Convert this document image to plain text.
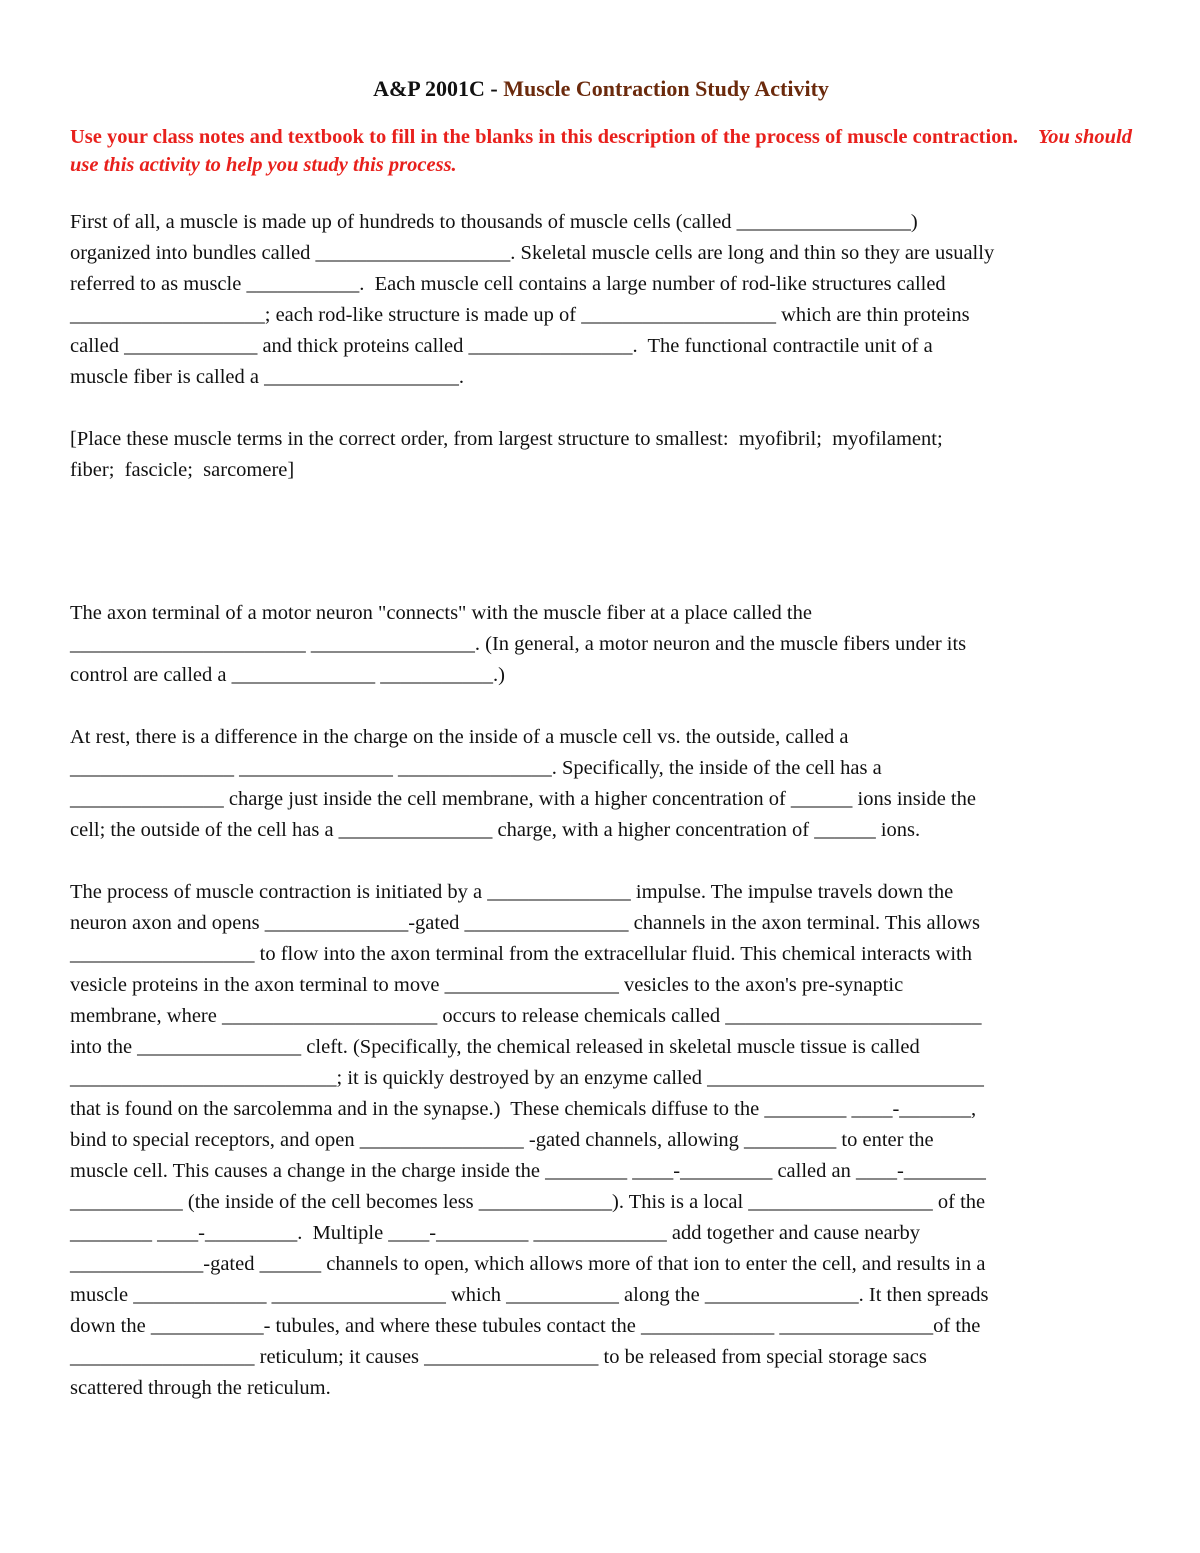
A&P 2001C - Muscle Contraction Study Activity
Use your class notes and textbook to fill in the blanks in this description of the process of muscle contraction. You should use this activity to help you study this process.
First of all, a muscle is made up of hundreds to thousands of muscle cells (called _________________)
organized into bundles called ___________________. Skeletal muscle cells are long and thin so they are usually
referred to as muscle ___________.  Each muscle cell contains a large number of rod-like structures called
___________________; each rod-like structure is made up of ___________________ which are thin proteins
called _____________ and thick proteins called ________________.  The functional contractile unit of a
muscle fiber is called a ___________________.
[Place these muscle terms in the correct order, from largest structure to smallest:  myofibril;  myofilament;
fiber;  fascicle;  sarcomere]
The axon terminal of a motor neuron "connects" with the muscle fiber at a place called the
_______________________ ________________. (In general, a motor neuron and the muscle fibers under its
control are called a ______________ ___________.)
At rest, there is a difference in the charge on the inside of a muscle cell vs. the outside, called a
________________ _______________ _______________. Specifically, the inside of the cell has a
_______________ charge just inside the cell membrane, with a higher concentration of ______ ions inside the
cell; the outside of the cell has a _______________ charge, with a higher concentration of ______ ions.
The process of muscle contraction is initiated by a ______________ impulse. The impulse travels down the
neuron axon and opens ______________-gated ________________ channels in the axon terminal. This allows
__________________ to flow into the axon terminal from the extracellular fluid. This chemical interacts with
vesicle proteins in the axon terminal to move _________________ vesicles to the axon's pre-synaptic
membrane, where _____________________ occurs to release chemicals called _________________________
into the ________________ cleft. (Specifically, the chemical released in skeletal muscle tissue is called
__________________________; it is quickly destroyed by an enzyme called ___________________________
that is found on the sarcolemma and in the synapse.)  These chemicals diffuse to the ________ ____-_______,
bind to special receptors, and open ________________ -gated channels, allowing _________ to enter the
muscle cell. This causes a change in the charge inside the ________ ____-_________ called an ____-________
___________ (the inside of the cell becomes less _____________). This is a local __________________ of the
________ ____-_________.  Multiple ____-_________ _____________ add together and cause nearby
_____________-gated ______ channels to open, which allows more of that ion to enter the cell, and results in a
muscle _____________ _________________ which ___________ along the _______________. It then spreads
down the ___________- tubules, and where these tubules contact the _____________ _______________of the
__________________ reticulum; it causes _________________ to be released from special storage sacs
scattered through the reticulum.
